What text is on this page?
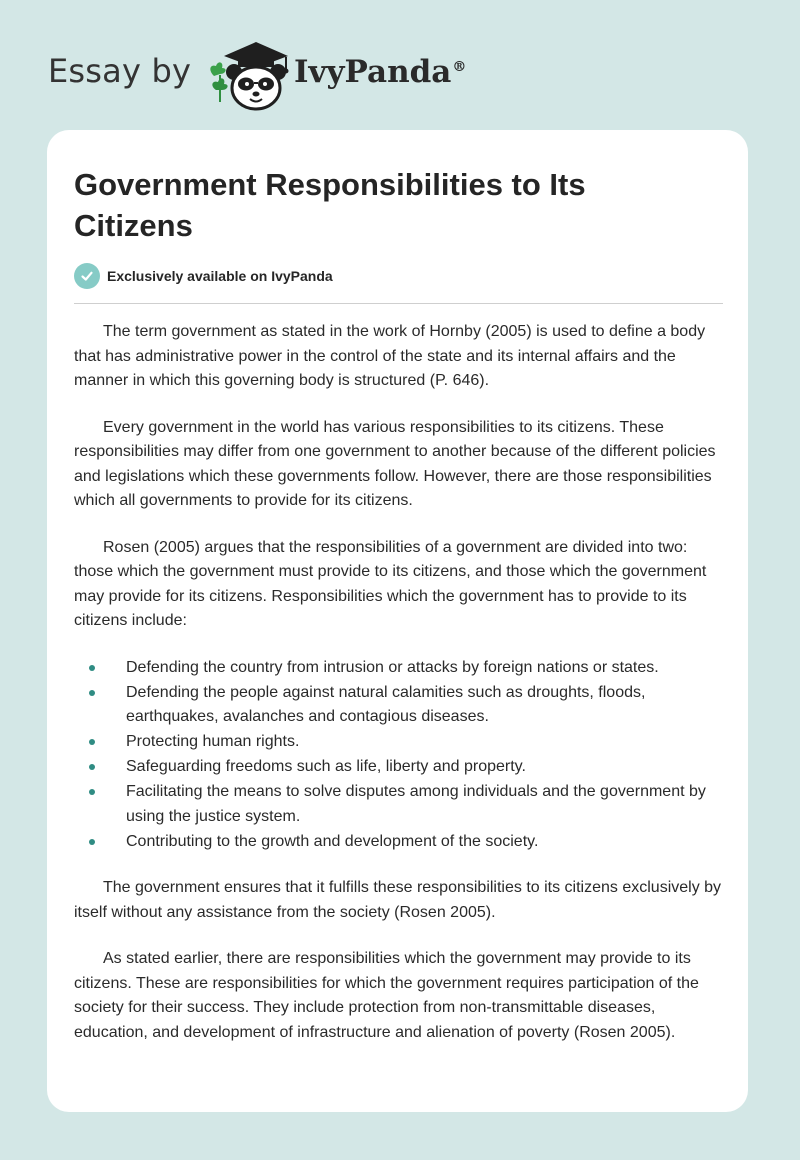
Essay by	IvyPanda®
Government Responsibilities to Its Citizens
Exclusively available on IvyPanda

The term government as stated in the work of Hornby (2005) is used to define a body that has administrative power in the control of the state and its internal affairs and the manner in which this governing body is structured (P. 646).

Every government in the world has various responsibilities to its citizens. These responsibilities may differ from one government to another because of the different policies and legislations which these governments follow. However, there are those responsibilities which all governments to provide for its citizens.

Rosen (2005) argues that the responsibilities of a government are divided into two: those which the government must provide to its citizens, and those which the government may provide for its citizens. Responsibilities which the government has to provide to its citizens include:

Defending the country from intrusion or attacks by foreign nations or states.
Defending the people against natural calamities such as droughts, floods, earthquakes, avalanches and contagious diseases.
Protecting human rights.
Safeguarding freedoms such as life, liberty and property.
Facilitating the means to solve disputes among individuals and the government by using the justice system.
Contributing to the growth and development of the society.

The government ensures that it fulfills these responsibilities to its citizens exclusively by itself without any assistance from the society (Rosen 2005).

As stated earlier, there are responsibilities which the government may provide to its citizens. These are responsibilities for which the government requires participation of the society for their success. They include protection from non-transmittable diseases, education, and development of infrastructure and alienation of poverty (Rosen 2005).
